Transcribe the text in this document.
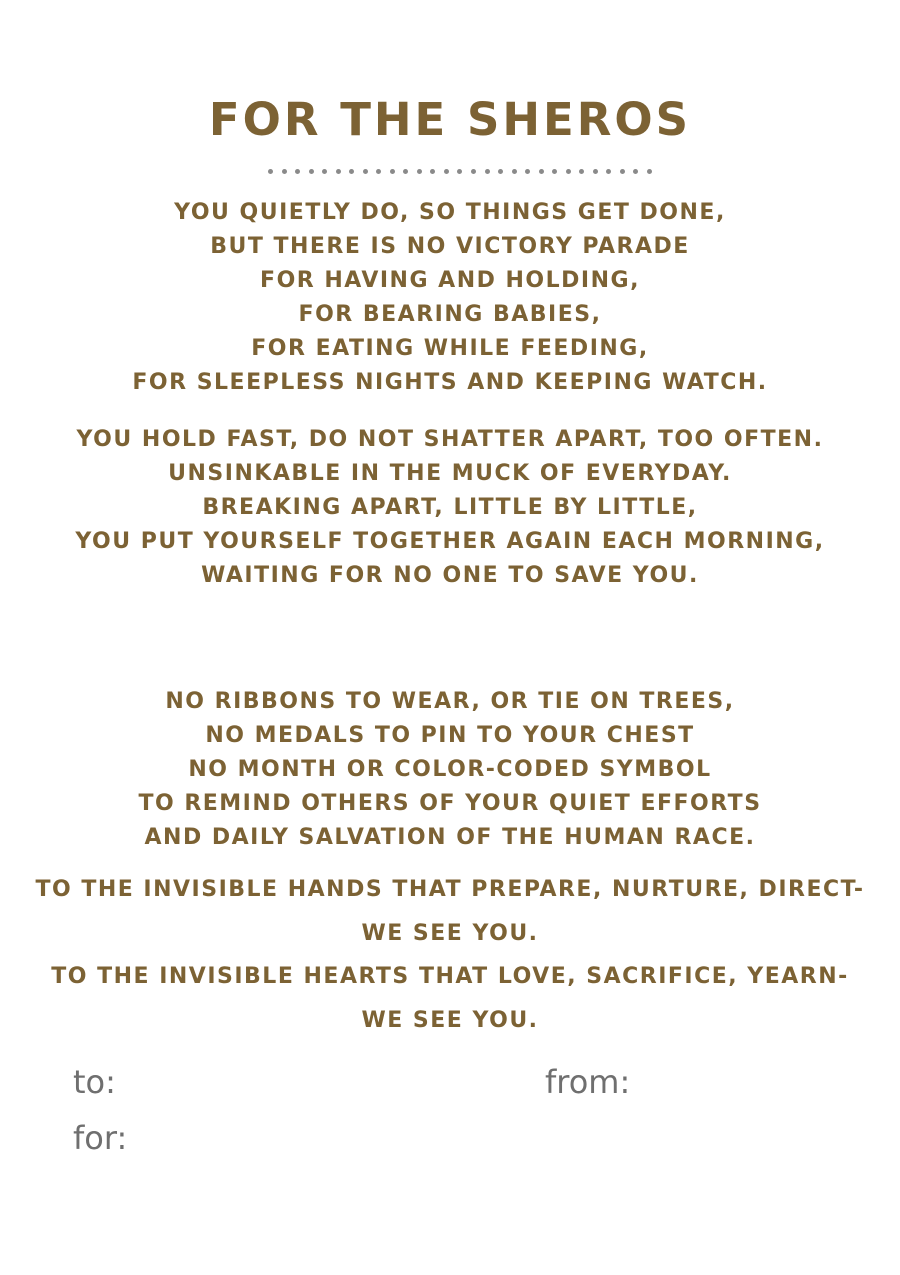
FOR THE SHEROS
YOU QUIETLY DO, SO THINGS GET DONE,
BUT THERE IS NO VICTORY PARADE
FOR HAVING AND HOLDING,
FOR BEARING BABIES,
FOR EATING WHILE FEEDING,
FOR SLEEPLESS NIGHTS AND KEEPING WATCH.
YOU HOLD FAST, DO NOT SHATTER APART, TOO OFTEN.
UNSINKABLE IN THE MUCK OF EVERYDAY.
BREAKING APART, LITTLE BY LITTLE,
YOU PUT YOURSELF TOGETHER AGAIN EACH MORNING,
WAITING FOR NO ONE TO SAVE YOU.
NO RIBBONS TO WEAR, OR TIE ON TREES,
NO MEDALS TO PIN TO YOUR CHEST
NO MONTH OR COLOR-CODED SYMBOL
TO REMIND OTHERS OF YOUR QUIET EFFORTS
AND DAILY SALVATION OF THE HUMAN RACE.
TO THE INVISIBLE HANDS THAT PREPARE, NURTURE, DIRECT-
WE SEE YOU.
TO THE INVISIBLE HEARTS THAT LOVE, SACRIFICE, YEARN-
WE SEE YOU.
to:	from:
for:
